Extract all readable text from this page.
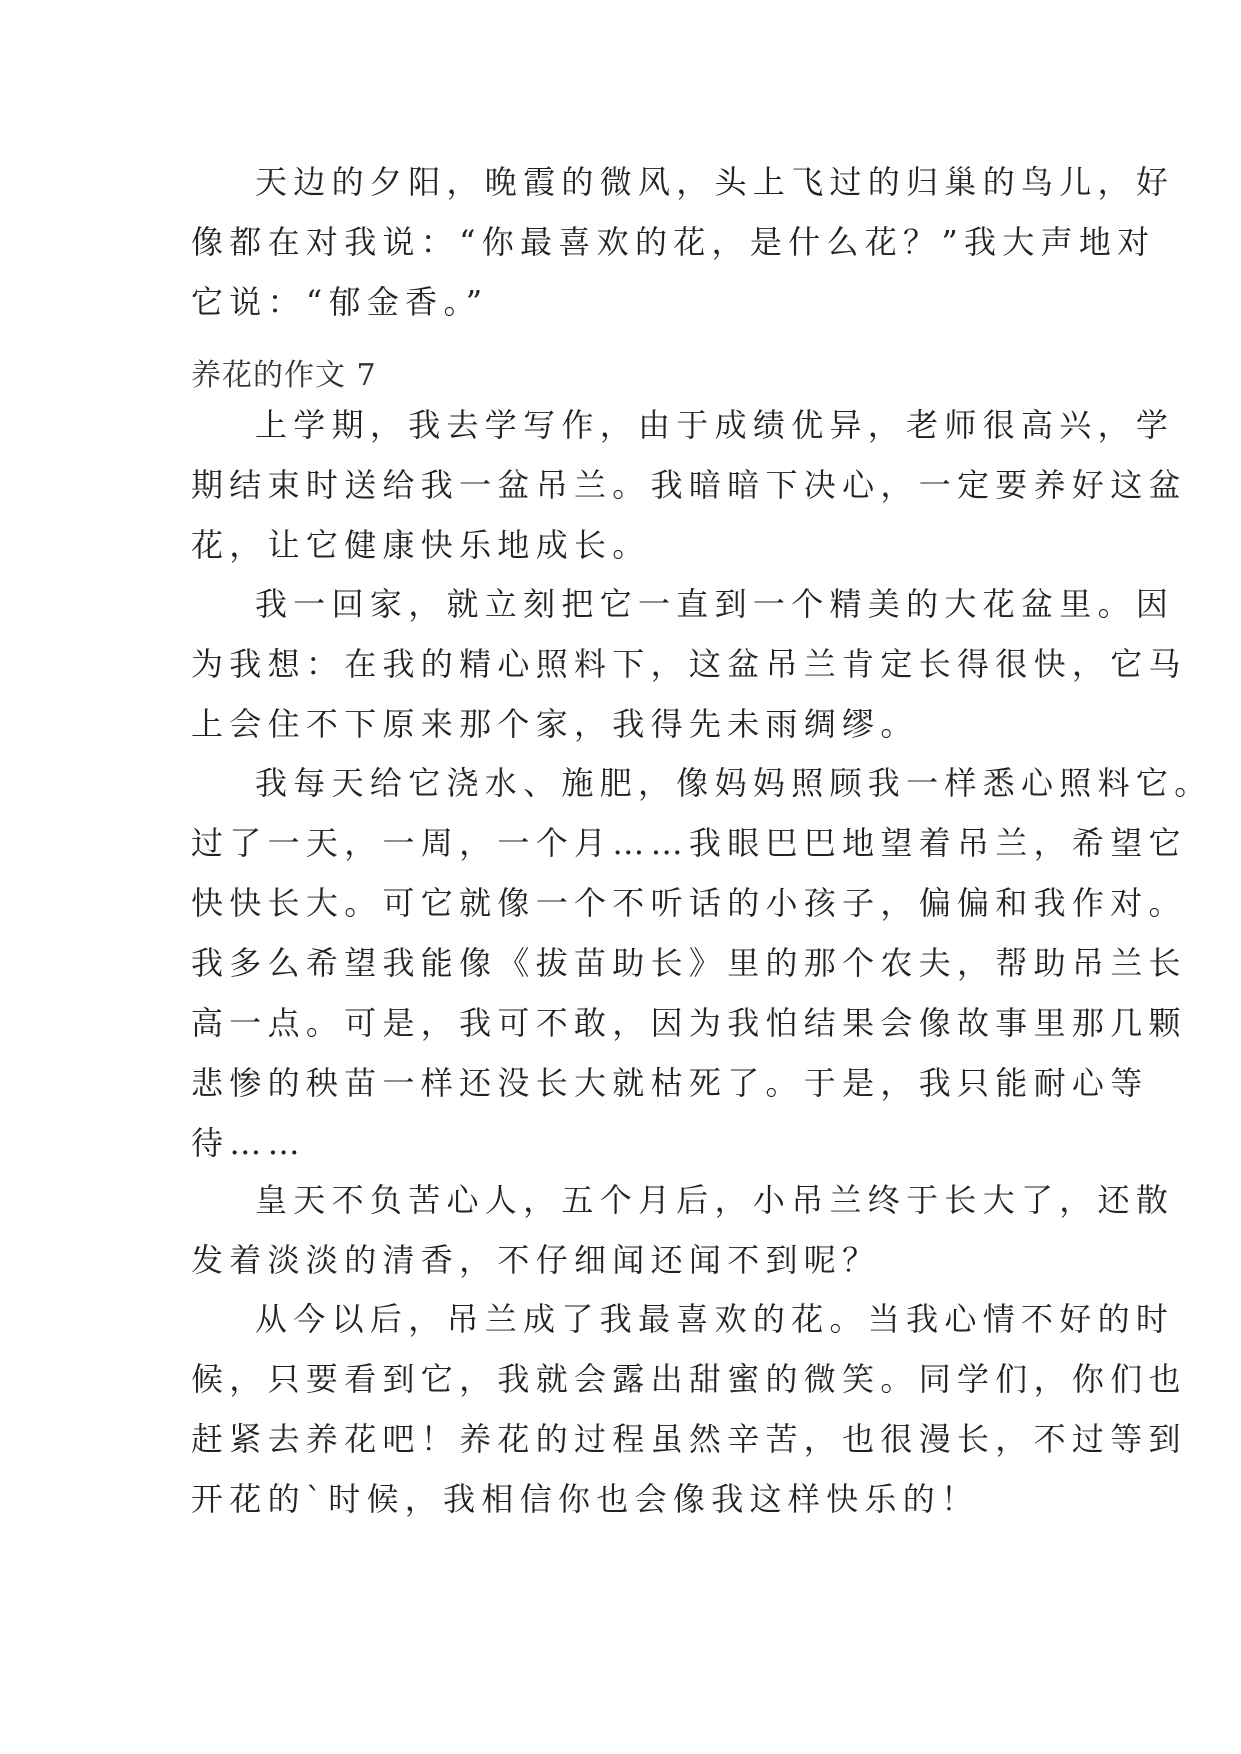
天边的夕阳，晚霞的微风，头上飞过的归巢的鸟儿，好
像都在对我说：“你最喜欢的花，是什么花？”我大声地对
它说：“郁金香。”

养花的作文 7

上学期，我去学写作，由于成绩优异，老师很高兴，学
期结束时送给我一盆吊兰。我暗暗下决心，一定要养好这盆
花，让它健康快乐地成长。

我一回家，就立刻把它一直到一个精美的大花盆里。因
为我想：在我的精心照料下，这盆吊兰肯定长得很快，它马
上会住不下原来那个家，我得先未雨绸缪。

我每天给它浇水、施肥，像妈妈照顾我一样悉心照料它。
过了一天，一周，一个月……我眼巴巴地望着吊兰，希望它
快快长大。可它就像一个不听话的小孩子，偏偏和我作对。
我多么希望我能像《拔苗助长》里的那个农夫，帮助吊兰长
高一点。可是，我可不敢，因为我怕结果会像故事里那几颗
悲惨的秧苗一样还没长大就枯死了。于是，我只能耐心等
待……

皇天不负苦心人，五个月后，小吊兰终于长大了，还散
发着淡淡的清香，不仔细闻还闻不到呢？

从今以后，吊兰成了我最喜欢的花。当我心情不好的时
候，只要看到它，我就会露出甜蜜的微笑。同学们，你们也
赶紧去养花吧！养花的过程虽然辛苦，也很漫长，不过等到
开花的`时候，我相信你也会像我这样快乐的！
